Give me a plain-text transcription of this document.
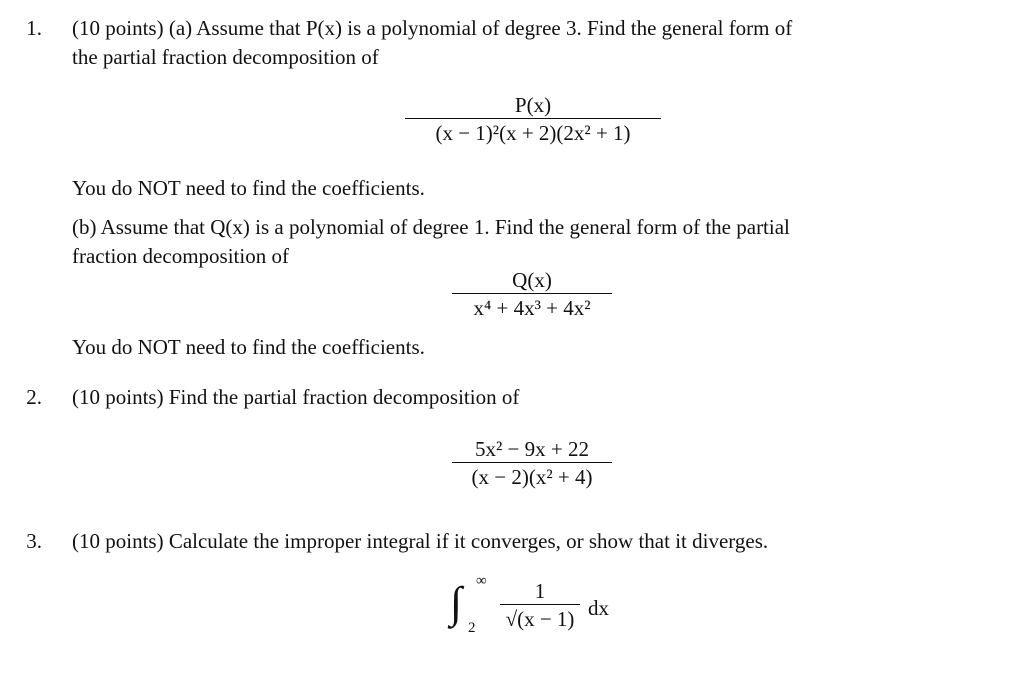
1. (10 points) (a) Assume that P(x) is a polynomial of degree 3. Find the general form of
the partial fraction decomposition of
P(x)
(x − 1)²(x + 2)(2x² + 1)
You do NOT need to find the coefficients.
(b) Assume that Q(x) is a polynomial of degree 1. Find the general form of the partial
fraction decomposition of
Q(x)
x⁴ + 4x³ + 4x²
You do NOT need to find the coefficients.
2. (10 points) Find the partial fraction decomposition of
5x² − 9x + 22
(x − 2)(x² + 4)
3. (10 points) Calculate the improper integral if it converges, or show that it diverges.
∫ ∞
2
1
√(x − 1) dx
